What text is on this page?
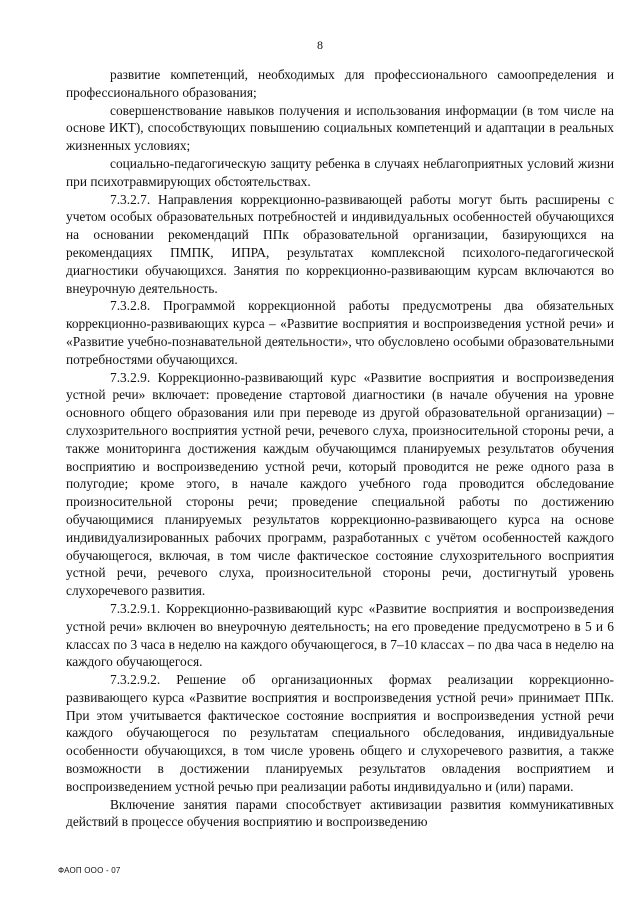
8

развитие компетенций, необходимых для профессионального самоопределения и профессионального образования;

совершенствование навыков получения и использования информации (в том числе на основе ИКТ), способствующих повышению социальных компетенций и адаптации в реальных жизненных условиях;

социально-педагогическую защиту ребенка в случаях неблагоприятных условий жизни при психотравмирующих обстоятельствах.

7.3.2.7. Направления коррекционно-развивающей работы могут быть расширены с учетом особых образовательных потребностей и индивидуальных особенностей обучающихся на основании рекомендаций ППк образовательной организации, базирующихся на рекомендациях ПМПК, ИПРА, результатах комплексной психолого-педагогической диагностики обучающихся. Занятия по коррекционно-развивающим курсам включаются во внеурочную деятельность.

7.3.2.8. Программой коррекционной работы предусмотрены два обязательных коррекционно-развивающих курса – «Развитие восприятия и воспроизведения устной речи» и «Развитие учебно-познавательной деятельности», что обусловлено особыми образовательными потребностями обучающихся.

7.3.2.9. Коррекционно-развивающий курс «Развитие восприятия и воспроизведения устной речи» включает: проведение стартовой диагностики (в начале обучения на уровне основного общего образования или при переводе из другой образовательной организации) – слухозрительного восприятия устной речи, речевого слуха, произносительной стороны речи, а также мониторинга достижения каждым обучающимся планируемых результатов обучения восприятию и воспроизведению устной речи, который проводится не реже одного раза в полугодие; кроме этого, в начале каждого учебного года проводится обследование произносительной стороны речи; проведение специальной работы по достижению обучающимися планируемых результатов коррекционно-развивающего курса на основе индивидуализированных рабочих программ, разработанных с учётом особенностей каждого обучающегося, включая, в том числе фактическое состояние слухозрительного восприятия устной речи, речевого слуха, произносительной стороны речи, достигнутый уровень слухоречевого развития.

7.3.2.9.1. Коррекционно-развивающий курс «Развитие восприятия и воспроизведения устной речи» включен во внеурочную деятельность; на его проведение предусмотрено в 5 и 6 классах по 3 часа в неделю на каждого обучающегося, в 7–10 классах – по два часа в неделю на каждого обучающегося.

7.3.2.9.2. Решение об организационных формах реализации коррекционно-развивающего курса «Развитие восприятия и воспроизведения устной речи» принимает ППк. При этом учитывается фактическое состояние восприятия и воспроизведения устной речи каждого обучающегося по результатам специального обследования, индивидуальные особенности обучающихся, в том числе уровень общего и слухоречевого развития, а также возможности в достижении планируемых результатов овладения восприятием и воспроизведением устной речью при реализации работы индивидуально и (или) парами.

Включение занятия парами способствует активизации развития коммуникативных действий в процессе обучения восприятию и воспроизведению

ФАОП ООО - 07
